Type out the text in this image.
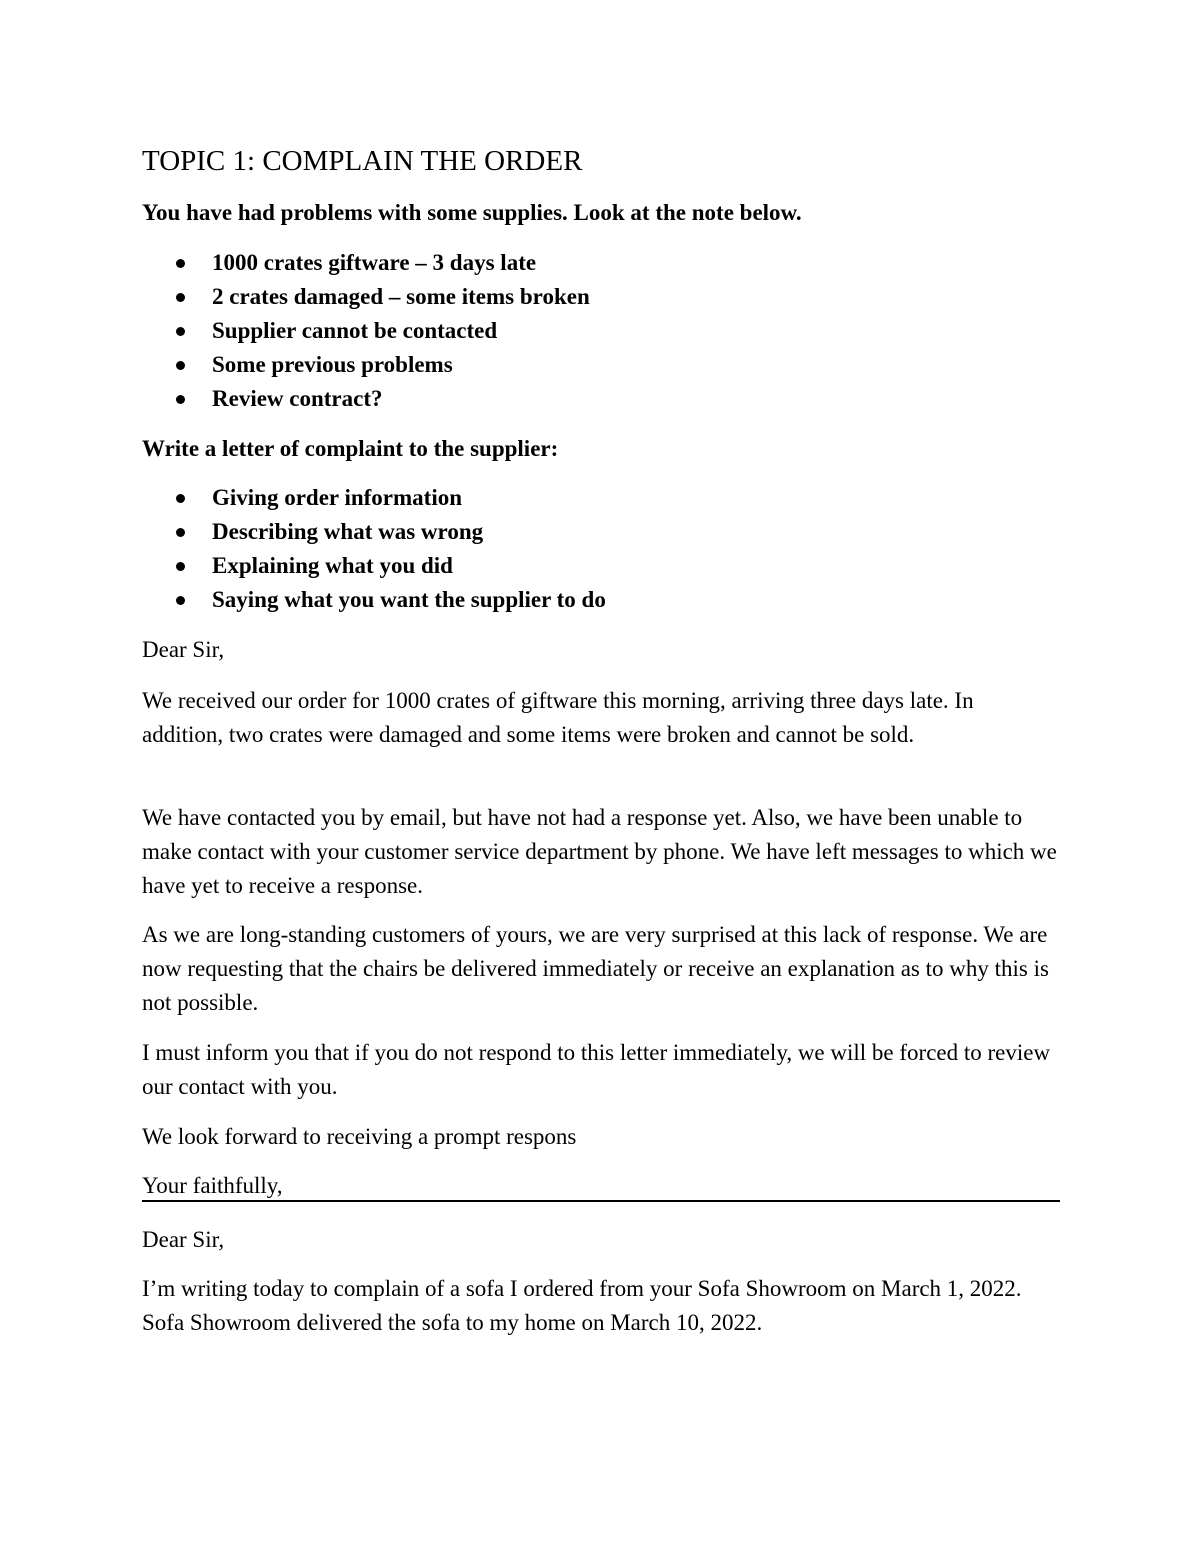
TOPIC 1: COMPLAIN THE ORDER
You have had problems with some supplies. Look at the note below.
1000 crates giftware – 3 days late
2 crates damaged – some items broken
Supplier cannot be contacted
Some previous problems
Review contract?
Write a letter of complaint to the supplier:
Giving order information
Describing what was wrong
Explaining what you did
Saying what you want the supplier to do

Dear Sir,

We received our order for 1000 crates of giftware this morning, arriving three days late. In addition, two crates were damaged and some items were broken and cannot be sold.

We have contacted you by email, but have not had a response yet. Also, we have been unable to make contact with your customer service department by phone. We have left messages to which we have yet to receive a response.

As we are long-standing customers of yours, we are very surprised at this lack of response. We are now requesting that the chairs be delivered immediately or receive an explanation as to why this is not possible.

I must inform you that if you do not respond to this letter immediately, we will be forced to review our contact with you.

We look forward to receiving a prompt respons

Your faithfully,

Dear Sir,

I’m writing today to complain of a sofa I ordered from your Sofa Showroom on March 1, 2022. Sofa Showroom delivered the sofa to my home on March 10, 2022.
